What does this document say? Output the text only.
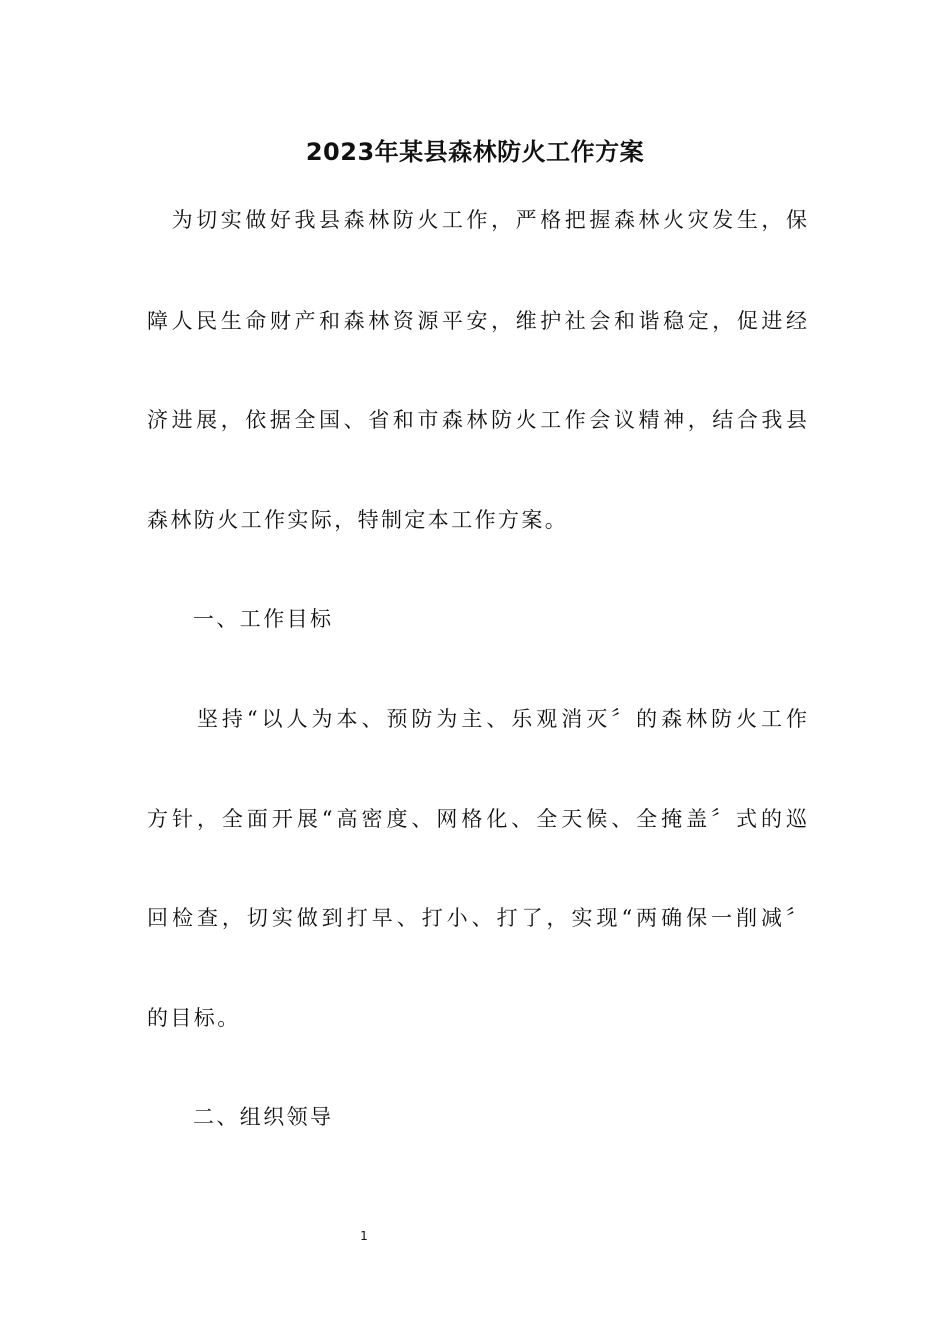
2023年某县森林防火工作方案
　为切实做好我县森林防火工作，严格把握森林火灾发生，保
障人民生命财产和森林资源平安，维护社会和谐稳定，促进经
济进展，依据全国、省和市森林防火工作会议精神，结合我县
森林防火工作实际，特制定本工作方案。
一、工作目标
　　坚持“以人为本、预防为主、乐观消灭〞的森林防火工作
方针，全面开展“高密度、网格化、全天候、全掩盖〞式的巡
回检查，切实做到打早、打小、打了，实现“两确保一削减〞
的目标。
二、组织领导
1
